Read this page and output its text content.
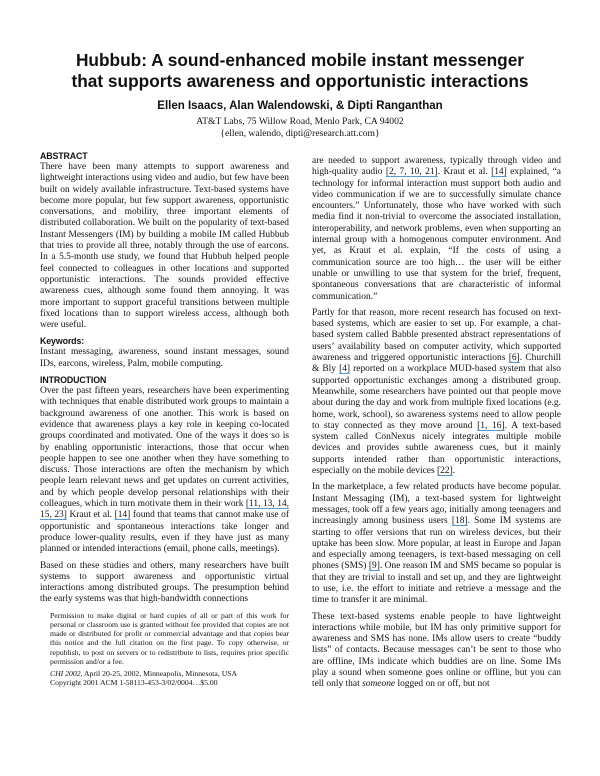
Hubbub: A sound-enhanced mobile instant messenger
that supports awareness and opportunistic interactions
Ellen Isaacs, Alan Walendowski, & Dipti Ranganthan
AT&T Labs, 75 Willow Road, Menlo Park, CA 94002
{ellen, walendo, dipti@research.att.com}
ABSTRACT

There have been many attempts to support awareness and lightweight interactions using video and audio, but few have been built on widely available infrastructure. Text-based systems have become more popular, but few support awareness, opportunistic conversations, and mobility, three important elements of distributed collaboration. We built on the popularity of text-based Instant Messengers (IM) by building a mobile IM called Hubbub that tries to provide all three, notably through the use of earcons. In a 5.5-month use study, we found that Hubbub helped people feel connected to colleagues in other locations and supported opportunistic interactions. The sounds provided effective awareness cues, although some found them annoying. It was more important to support graceful transitions between multiple fixed locations than to support wireless access, although both were useful.

Keywords:

Instant messaging, awareness, sound instant messages, sound IDs, earcons, wireless, Palm, mobile computing.

INTRODUCTION

Over the past fifteen years, researchers have been experimenting with techniques that enable distributed work groups to maintain a background awareness of one another. This work is based on evidence that awareness plays a key role in keeping co-located groups coordinated and motivated. One of the ways it does so is by enabling opportunistic interactions, those that occur when people happen to see one another when they have something to discuss. Those interactions are often the mechanism by which people learn relevant news and get updates on current activities, and by which people develop personal relationships with their colleagues, which in turn motivate them in their work [11, 13, 14, 15, 23] Kraut et al. [14] found that teams that cannot make use of opportunistic and spontaneous interactions take longer and produce lower-quality results, even if they have just as many planned or intended interactions (email, phone calls, meetings).

Based on these studies and others, many researchers have built systems to support awareness and opportunistic virtual interactions among distributed groups. The presumption behind the early systems was that high-bandwidth connections

Permission to make digital or hard copies of all or part of this work for personal or classroom use is granted without fee provided that copies are not made or distributed for profit or commercial advantage and that copies bear this notice and the full citation on the first page. To copy otherwise, or republish, to post on servers or to redistribute to lists, requires prior specific permission and/or a fee.

CHI 2002, April 20-25, 2002, Minneapolis, Minnesota, USA

Copyright 2001 ACM 1-58113-453-3/02/0004…$5.00

are needed to support awareness, typically through video and high-quality audio [2, 7, 10, 21]. Kraut et al. [14] explained, “a technology for informal interaction must support both audio and video communication if we are to successfully simulate chance encounters.” Unfortunately, those who have worked with such media find it non-trivial to overcome the associated installation, interoperability, and network problems, even when supporting an internal group with a homogenous computer environment. And yet, as Kraut et al. explain, “If the costs of using a communication source are too high… the user will be either unable or unwilling to use that system for the brief, frequent, spontaneous conversations that are characteristic of informal communication.”

Partly for that reason, more recent research has focused on text-based systems, which are easier to set up. For example, a chat-based system called Babble presented abstract representations of users’ availability based on computer activity, which supported awareness and triggered opportunistic interactions [6]. Churchill & Bly [4] reported on a workplace MUD-based system that also supported opportunistic exchanges among a distributed group. Meanwhile, some researchers have pointed out that people move about during the day and work from multiple fixed locations (e.g. home, work, school), so awareness systems need to allow people to stay connected as they move around [1, 16]. A text-based system called ConNexus nicely integrates multiple mobile devices and provides subtle awareness cues, but it mainly supports intended rather than opportunistic interactions, especially on the mobile devices [22].

In the marketplace, a few related products have become popular. Instant Messaging (IM), a text-based system for lightweight messages, took off a few years ago, initially among teenagers and increasingly among business users [18]. Some IM systems are starting to offer versions that run on wireless devices, but their uptake has been slow. More popular, at least in Europe and Japan and especially among teenagers, is text-based messaging on cell phones (SMS) [9]. One reason IM and SMS became so popular is that they are trivial to install and set up, and they are lightweight to use, i.e. the effort to initiate and retrieve a message and the time to transfer it are minimal.

These text-based systems enable people to have lightweight interactions while mobile, but IM has only primitive support for awareness and SMS has none. IMs allow users to create “buddy lists” of contacts. Because messages can’t be sent to those who are offline, IMs indicate which buddies are on line. Some IMs play a sound when someone goes online or offline, but you can tell only that someone logged on or off, but not
